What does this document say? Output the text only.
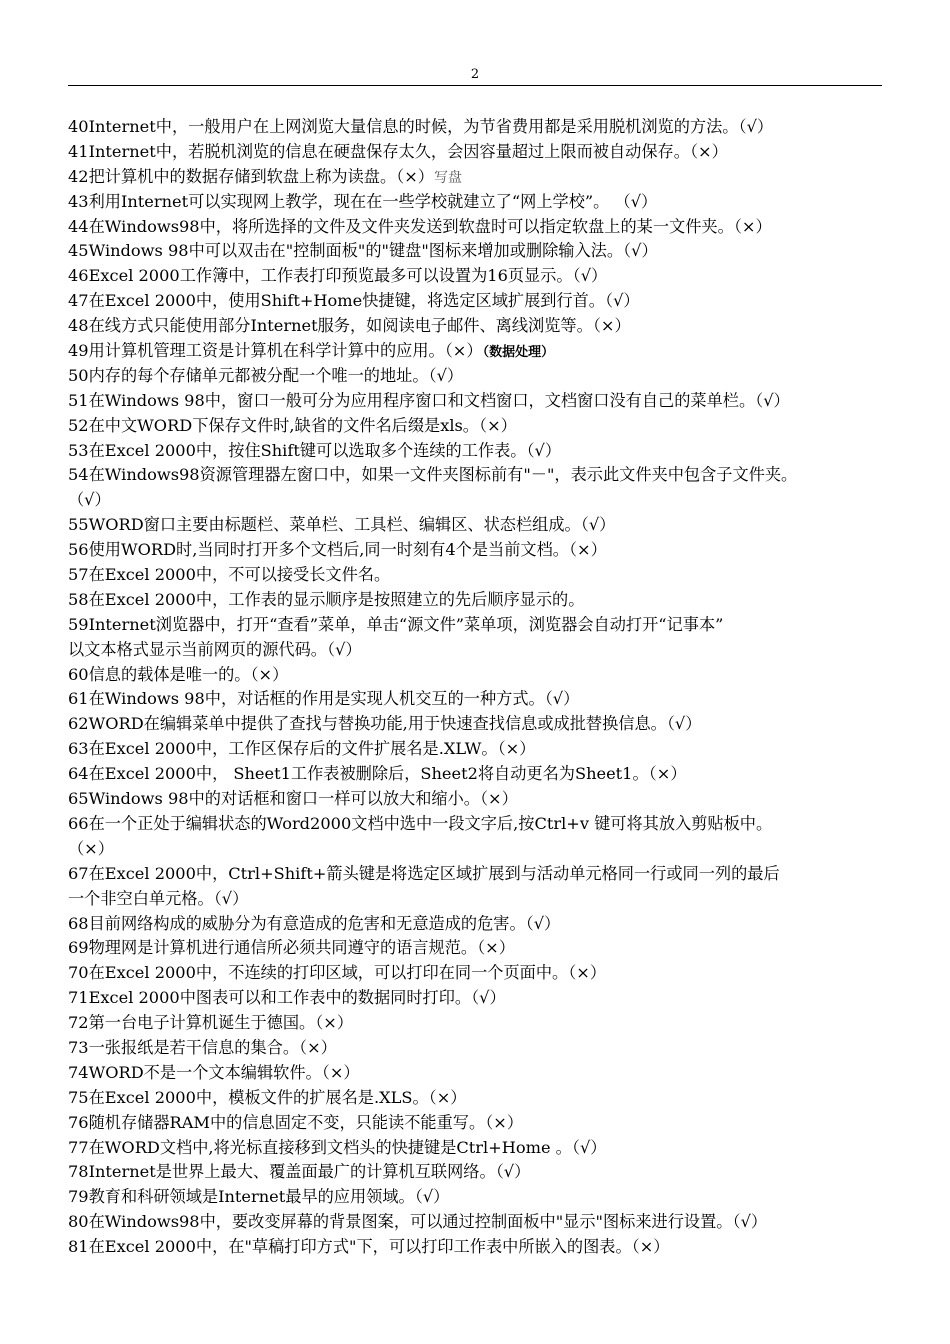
2
40Internet中，一般用户在上网浏览大量信息的时候，为节省费用都是采用脱机浏览的方法。（√）
41Internet中，若脱机浏览的信息在硬盘保存太久，会因容量超过上限而被自动保存。（×）
42把计算机中的数据存储到软盘上称为读盘。（×）写盘
43利用Internet可以实现网上教学，现在在一些学校就建立了“网上学校”。 （√）
44在Windows98中，将所选择的文件及文件夹发送到软盘时可以指定软盘上的某一文件夹。（×）
45Windows 98中可以双击在"控制面板"的"键盘"图标来增加或删除输入法。（√）
46Excel 2000工作簿中，工作表打印预览最多可以设置为16页显示。（√）
47在Excel 2000中，使用Shift+Home快捷键，将选定区域扩展到行首。（√）
48在线方式只能使用部分Internet服务，如阅读电子邮件、离线浏览等。（×）
49用计算机管理工资是计算机在科学计算中的应用。（×）（数据处理）
50内存的每个存储单元都被分配一个唯一的地址。（√）
51在Windows 98中，窗口一般可分为应用程序窗口和文档窗口，文档窗口没有自己的菜单栏。（√）
52在中文WORD下保存文件时,缺省的文件名后缀是xls。（×）
53在Excel 2000中，按住Shift键可以选取多个连续的工作表。（√）
54在Windows98资源管理器左窗口中，如果一文件夹图标前有"－"，表示此文件夹中包含子文件夹。
（√）
55WORD窗口主要由标题栏、菜单栏、工具栏、编辑区、状态栏组成。（√）
56使用WORD时,当同时打开多个文档后,同一时刻有4个是当前文档。（×）
57在Excel 2000中，不可以接受长文件名。
58在Excel 2000中，工作表的显示顺序是按照建立的先后顺序显示的。
59Internet浏览器中，打开“查看”菜单，单击“源文件”菜单项，浏览器会自动打开“记事本”
以文本格式显示当前网页的源代码。（√）
60信息的载体是唯一的。（×）
61在Windows 98中，对话框的作用是实现人机交互的一种方式。（√）
62WORD在编辑菜单中提供了查找与替换功能,用于快速查找信息或成批替换信息。（√）
63在Excel 2000中，工作区保存后的文件扩展名是.XLW。（×）
64在Excel 2000中， Sheet1工作表被删除后，Sheet2将自动更名为Sheet1。（×）
65Windows 98中的对话框和窗口一样可以放大和缩小。（×）
66在一个正处于编辑状态的Word2000文档中选中一段文字后,按Ctrl+v 键可将其放入剪贴板中。
（×）
67在Excel 2000中，Ctrl+Shift+箭头键是将选定区域扩展到与活动单元格同一行或同一列的最后
一个非空白单元格。（√）
68目前网络构成的威胁分为有意造成的危害和无意造成的危害。（√）
69物理网是计算机进行通信所必须共同遵守的语言规范。（×）
70在Excel 2000中，不连续的打印区域，可以打印在同一个页面中。（×）
71Excel 2000中图表可以和工作表中的数据同时打印。（√）
72第一台电子计算机诞生于德国。（×）
73一张报纸是若干信息的集合。（×）
74WORD不是一个文本编辑软件。（×）
75在Excel 2000中，模板文件的扩展名是.XLS。（×）
76随机存储器RAM中的信息固定不变，只能读不能重写。（×）
77在WORD文档中,将光标直接移到文档头的快捷键是Ctrl+Home 。（√）
78Internet是世界上最大、覆盖面最广的计算机互联网络。（√）
79教育和科研领域是Internet最早的应用领域。（√）
80在Windows98中，要改变屏幕的背景图案，可以通过控制面板中"显示"图标来进行设置。（√）
81在Excel 2000中，在"草稿打印方式"下，可以打印工作表中所嵌入的图表。（×）
